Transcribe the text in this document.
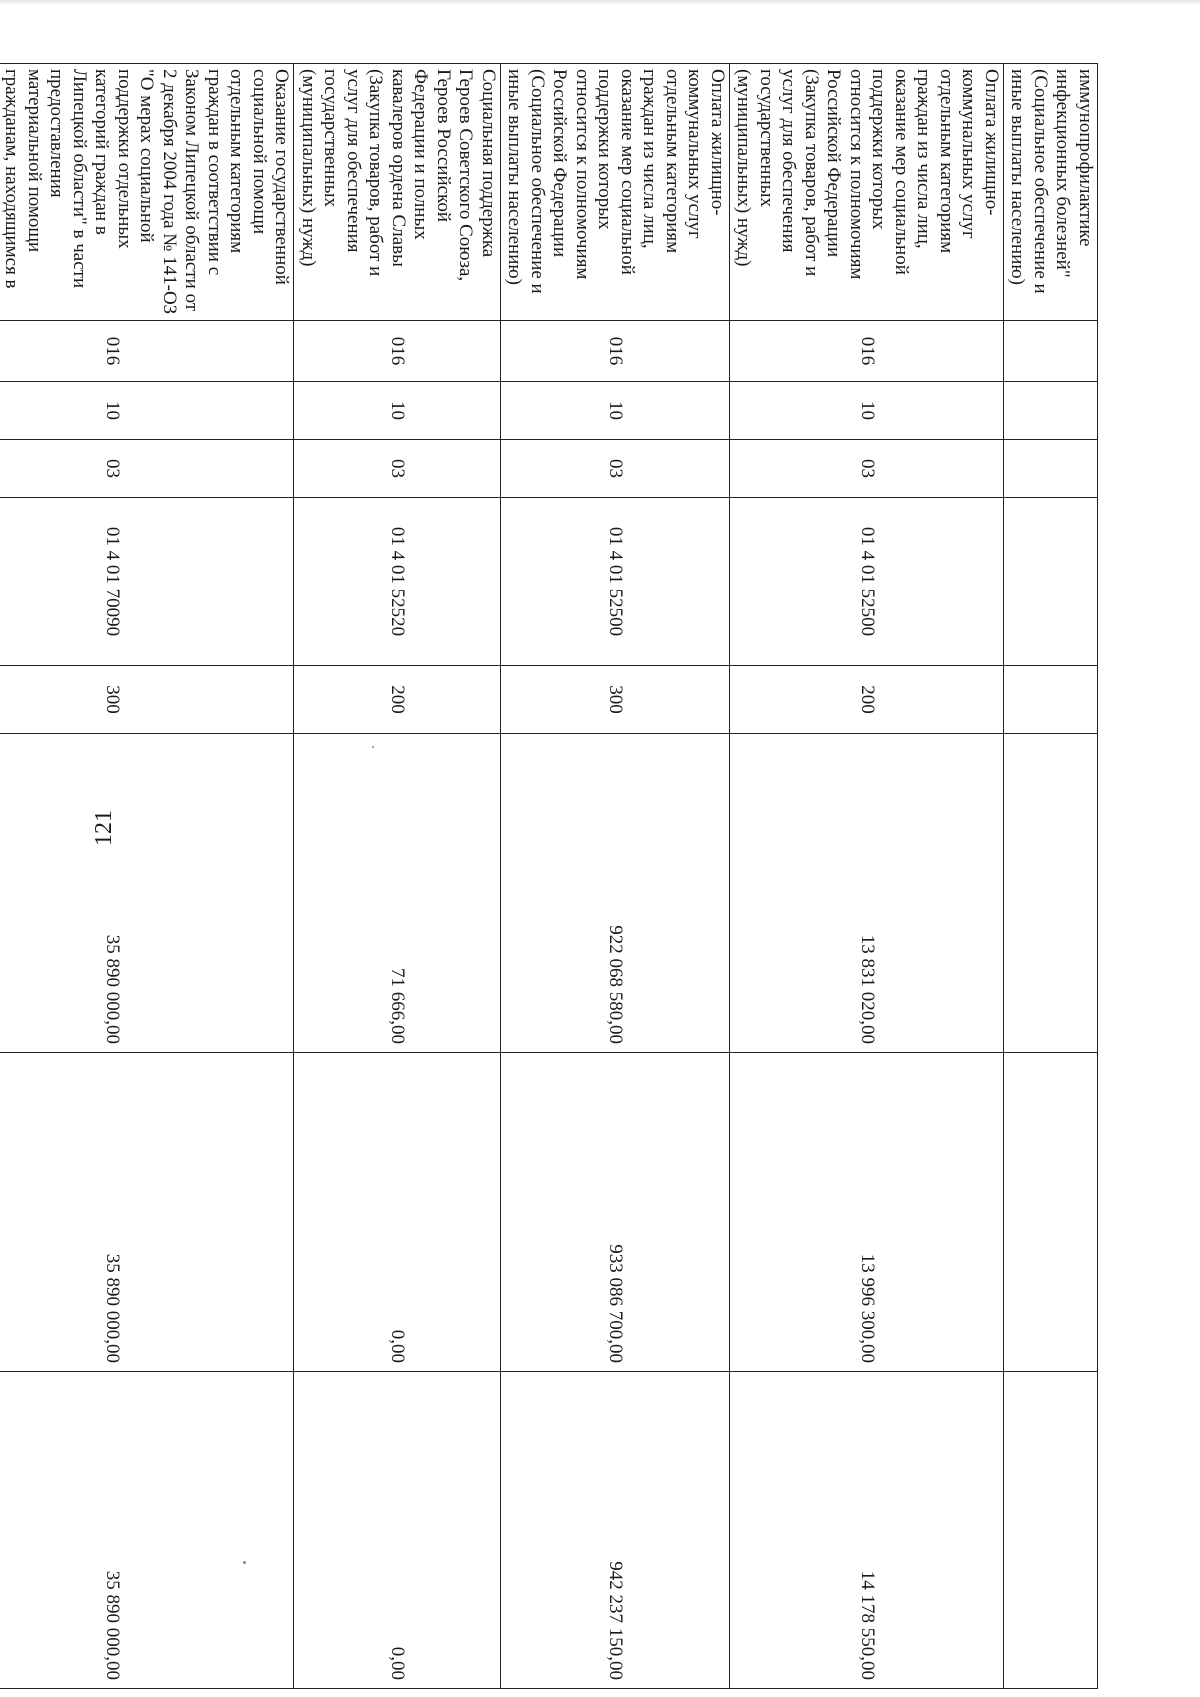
121
иммунопрофилактике инфекционных болезней" (Социальное обеспечение и иные выплаты населению)								
Оплата жилищно-коммунальных услуг отдельным категориям граждан из числа лиц, оказание мер социальной поддержки которых относится к полномочиям Российской Федерации (Закупка товаров, работ и услуг для обеспечения государственных (муниципальных) нужд)	016	10	03	01 4 01 52500	200	13 831 020,00	13 996 300,00	14 178 550,00
Оплата жилищно-коммунальных услуг отдельным категориям граждан из числа лиц, оказание мер социальной поддержки которых относится к полномочиям Российской Федерации (Социальное обеспечение и иные выплаты населению)	016	10	03	01 4 01 52500	300	922 068 580,00	933 086 700,00	942 237 150,00
Социальная поддержка Героев Советского Союза, Героев Российской Федерации и полных кавалеров ордена Славы (Закупка товаров, работ и услуг для обеспечения государственных (муниципальных) нужд)	016	10	03	01 4 01 52520	200	71 666,00	0,00	0,00
Оказание государственной социальной помощи отдельным категориям граждан в соответствии с Законом Липецкой области от 2 декабря 2004 года № 141-ОЗ "О мерах социальной поддержки отдельных категорий граждан в Липецкой области" в части предоставления материальной помощи гражданам, находящимся в	016	10	03	01 4 01 70090	300	35 890 000,00	35 890 000,00	35 890 000,00
